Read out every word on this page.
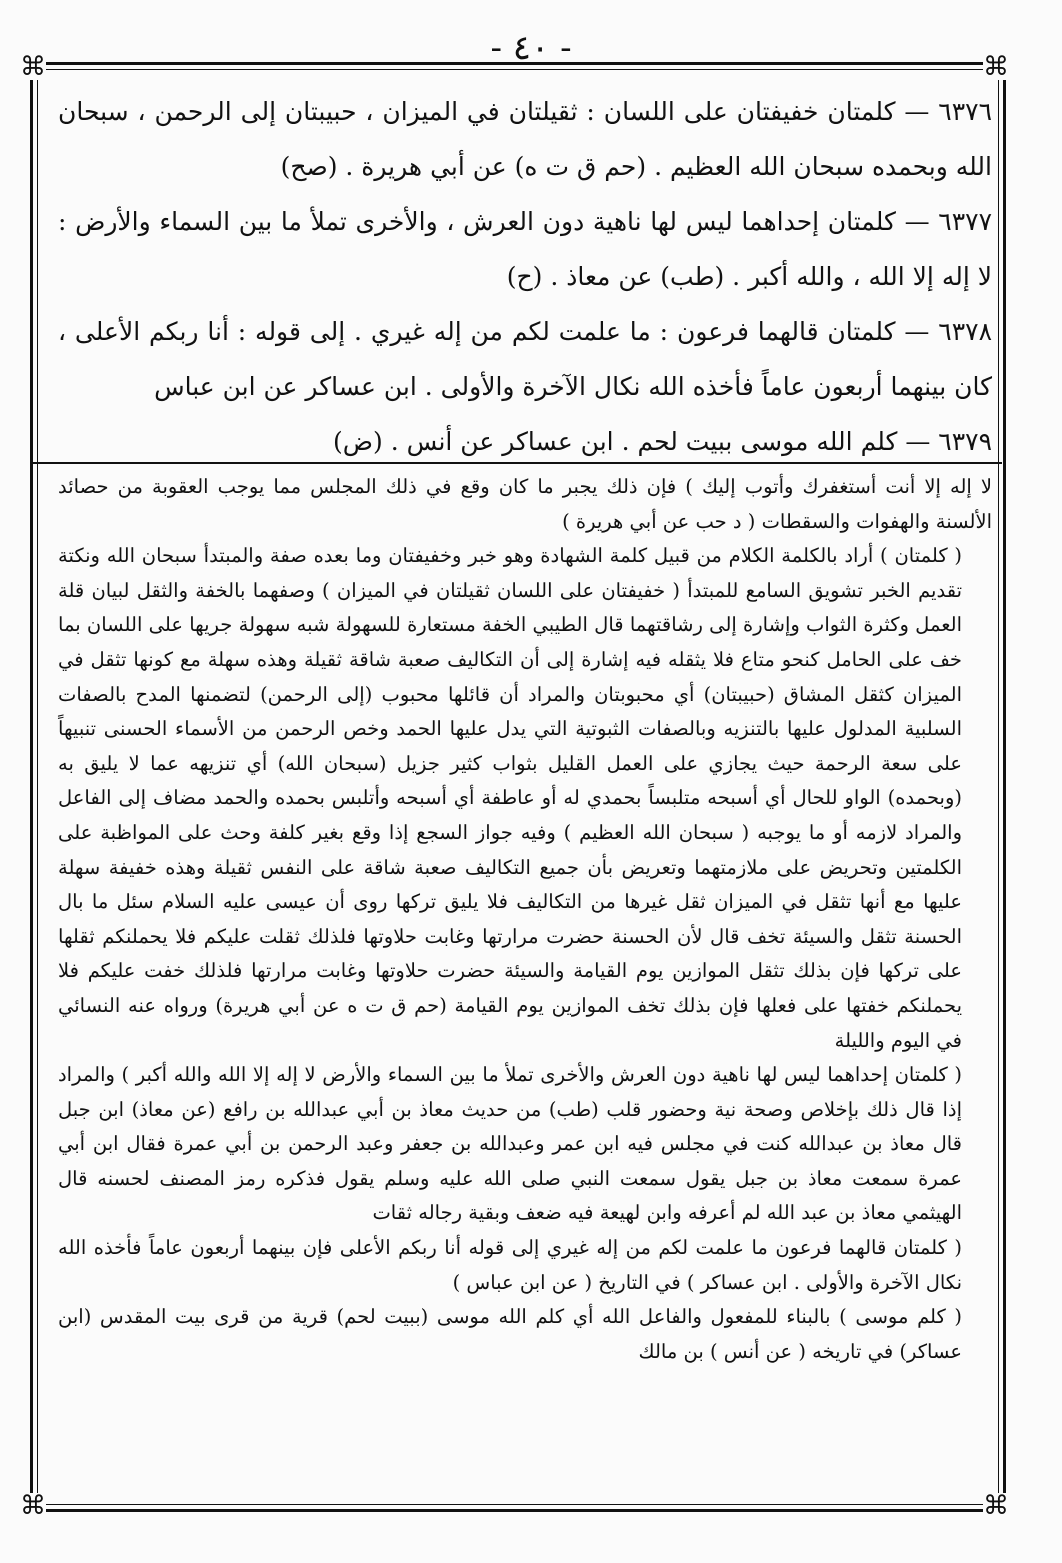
- ٤٠ -
⌘	⌘
⌘	⌘

٦٣٧٦ — كلمتان خفيفتان على اللسان : ثقيلتان في الميزان ، حبيبتان إلى الرحمن ، سبحان الله وبحمده سبحان الله العظيم . (حم ق ت ه) عن أبي هريرة . (صح)

٦٣٧٧ — كلمتان إحداهما ليس لها ناهية دون العرش ، والأخرى تملأ ما بين السماء والأرض : لا إله إلا الله ، والله أكبر . (طب) عن معاذ . (ح)

٦٣٧٨ — كلمتان قالهما فرعون : ما علمت لكم من إله غيري . إلى قوله : أنا ربكم الأعلى ، كان بينهما أربعون عاماً فأخذه الله نكال الآخرة والأولى . ابن عساكر عن ابن عباس

٦٣٧٩ — كلم الله موسى ببيت لحم . ابن عساكر عن أنس . (ض)

لا إله إلا أنت أستغفرك وأتوب إليك ) فإن ذلك يجبر ما كان وقع في ذلك المجلس مما يوجب العقوبة من حصائد الألسنة والهفوات والسقطات ( د حب عن أبي هريرة )

( كلمتان ) أراد بالكلمة الكلام من قبيل كلمة الشهادة وهو خبر وخفيفتان وما بعده صفة والمبتدأ سبحان الله ونكتة تقديم الخبر تشويق السامع للمبتدأ ( خفيفتان على اللسان ثقيلتان في الميزان ) وصفهما بالخفة والثقل لبيان قلة العمل وكثرة الثواب وإشارة إلى رشاقتهما قال الطيبي الخفة مستعارة للسهولة شبه سهولة جريها على اللسان بما خف على الحامل كنحو متاع فلا يثقله فيه إشارة إلى أن التكاليف صعبة شاقة ثقيلة وهذه سهلة مع كونها تثقل في الميزان كثقل المشاق (حبيبتان) أي محبوبتان والمراد أن قائلها محبوب (إلى الرحمن) لتضمنها المدح بالصفات السلبية المدلول عليها بالتنزيه وبالصفات الثبوتية التي يدل عليها الحمد وخص الرحمن من الأسماء الحسنى تنبيهاً على سعة الرحمة حيث يجازي على العمل القليل بثواب كثير جزيل (سبحان الله) أي تنزيهه عما لا يليق به (وبحمده) الواو للحال أي أسبحه متلبساً بحمدي له أو عاطفة أي أسبحه وأتلبس بحمده والحمد مضاف إلى الفاعل والمراد لازمه أو ما يوجبه ( سبحان الله العظيم ) وفيه جواز السجع إذا وقع بغير كلفة وحث على المواظبة على الكلمتين وتحريض على ملازمتهما وتعريض بأن جميع التكاليف صعبة شاقة على النفس ثقيلة وهذه خفيفة سهلة عليها مع أنها تثقل في الميزان ثقل غيرها من التكاليف فلا يليق تركها روى أن عيسى عليه السلام سئل ما بال الحسنة تثقل والسيئة تخف قال لأن الحسنة حضرت مرارتها وغابت حلاوتها فلذلك ثقلت عليكم فلا يحملنكم ثقلها على تركها فإن بذلك تثقل الموازين يوم القيامة والسيئة حضرت حلاوتها وغابت مرارتها فلذلك خفت عليكم فلا يحملنكم خفتها على فعلها فإن بذلك تخف الموازين يوم القيامة (حم ق ت ه عن أبي هريرة) ورواه عنه النسائي في اليوم والليلة

( كلمتان إحداهما ليس لها ناهية دون العرش والأخرى تملأ ما بين السماء والأرض لا إله إلا الله والله أكبر ) والمراد إذا قال ذلك بإخلاص وصحة نية وحضور قلب (طب) من حديث معاذ بن أبي عبدالله بن رافع (عن معاذ) ابن جبل قال معاذ بن عبدالله كنت في مجلس فيه ابن عمر وعبدالله بن جعفر وعبد الرحمن بن أبي عمرة فقال ابن أبي عمرة سمعت معاذ بن جبل يقول سمعت النبي صلى الله عليه وسلم يقول فذكره رمز المصنف لحسنه قال الهيثمي معاذ بن عبد الله لم أعرفه وابن لهيعة فيه ضعف وبقية رجاله ثقات

( كلمتان قالهما فرعون ما علمت لكم من إله غيري إلى قوله أنا ربكم الأعلى فإن بينهما أربعون عاماً فأخذه الله نكال الآخرة والأولى . ابن عساكر ) في التاريخ ( عن ابن عباس )

( كلم موسى ) بالبناء للمفعول والفاعل الله أي كلم الله موسى (ببيت لحم) قرية من قرى بيت المقدس (ابن عساكر) في تاريخه ( عن أنس ) بن مالك
